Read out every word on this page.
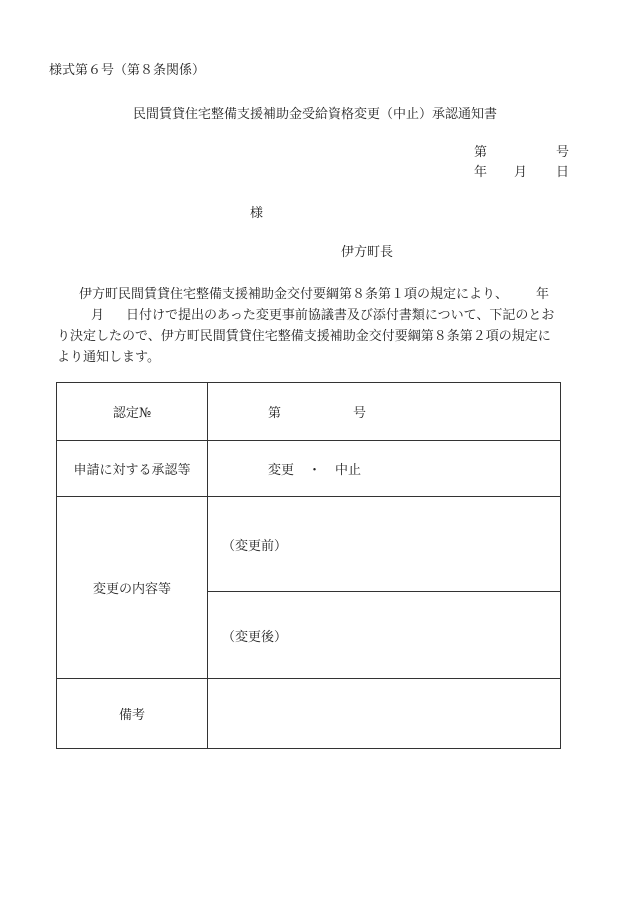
様式第６号（第８条関係）
民間賃貸住宅整備支援補助金受給資格変更（中止）承認通知書
第	号
年 月 日
様
伊方町長
伊方町民間賃貸住宅整備支援補助金交付要綱第８条第１項の規定により、 年
月 日付けで提出のあった変更事前協議書及び添付書類について、下記のとお
り決定したので、伊方町民間賃貸住宅整備支援補助金交付要綱第８条第２項の規定に
より通知します。
認定№	第 号
申請に対する承認等	変更 ・ 中止
変更の内容等	（変更前）
	（変更後）
備考	
